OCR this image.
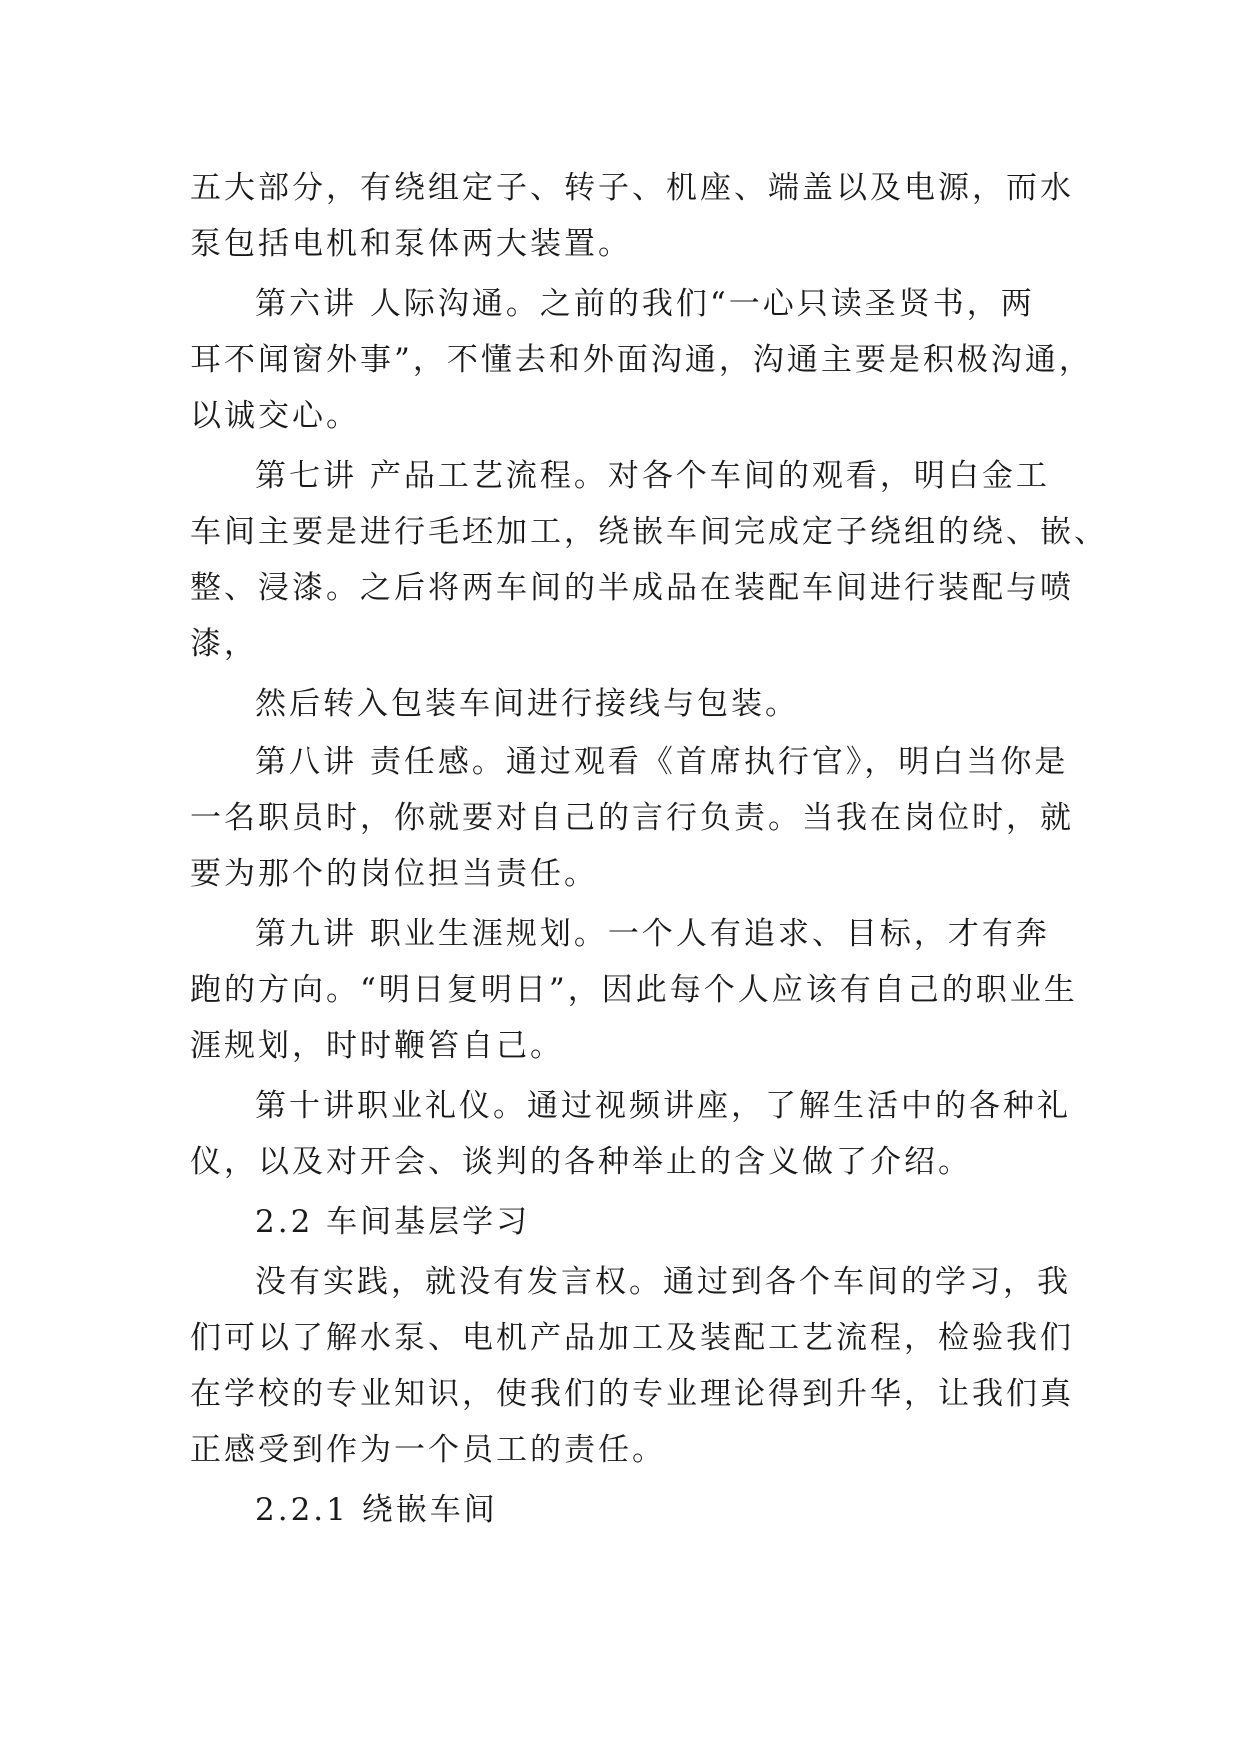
五大部分，有绕组定子、转子、机座、端盖以及电源，而水
泵包括电机和泵体两大装置。
第六讲 人际沟通。之前的我们“一心只读圣贤书，两
耳不闻窗外事”，不懂去和外面沟通，沟通主要是积极沟通，
以诚交心。
第七讲 产品工艺流程。对各个车间的观看，明白金工
车间主要是进行毛坯加工，绕嵌车间完成定子绕组的绕、嵌、
整、浸漆。之后将两车间的半成品在装配车间进行装配与喷
漆，
然后转入包装车间进行接线与包装。
第八讲 责任感。通过观看《首席执行官》，明白当你是
一名职员时，你就要对自己的言行负责。当我在岗位时，就
要为那个的岗位担当责任。
第九讲 职业生涯规划。一个人有追求、目标，才有奔
跑的方向。“明日复明日”，因此每个人应该有自己的职业生
涯规划，时时鞭笞自己。
第十讲职业礼仪。通过视频讲座，了解生活中的各种礼
仪，以及对开会、谈判的各种举止的含义做了介绍。
2.2 车间基层学习
没有实践，就没有发言权。通过到各个车间的学习，我
们可以了解水泵、电机产品加工及装配工艺流程，检验我们
在学校的专业知识，使我们的专业理论得到升华，让我们真
正感受到作为一个员工的责任。
2.2.1 绕嵌车间
